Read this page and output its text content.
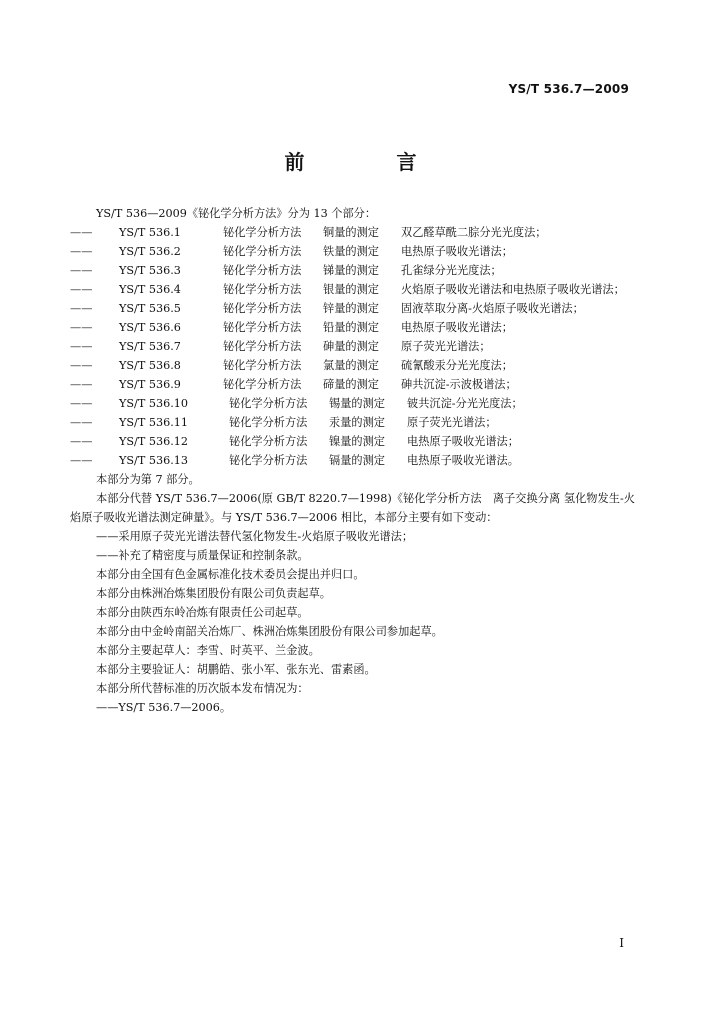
YS/T 536.7—2009
前　言

YS/T 536—2009《铋化学分析方法》分为 13 个部分：

——	YS/T 536.1	铋化学分析方法	铜量的测定	双乙醛草酰二腙分光光度法；
——	YS/T 536.2	铋化学分析方法	铁量的测定	电热原子吸收光谱法；
——	YS/T 536.3	铋化学分析方法	锑量的测定	孔雀绿分光光度法；
——	YS/T 536.4	铋化学分析方法	银量的测定	火焰原子吸收光谱法和电热原子吸收光谱法；
——	YS/T 536.5	铋化学分析方法	锌量的测定	固液萃取分离-火焰原子吸收光谱法；
——	YS/T 536.6	铋化学分析方法	铅量的测定	电热原子吸收光谱法；
——	YS/T 536.7	铋化学分析方法	砷量的测定	原子荧光光谱法；
——	YS/T 536.8	铋化学分析方法	氯量的测定	硫氰酸汞分光光度法；
——	YS/T 536.9	铋化学分析方法	碲量的测定	砷共沉淀-示波极谱法；
——	YS/T 536.10	铋化学分析方法	锡量的测定	铍共沉淀-分光光度法；
——	YS/T 536.11	铋化学分析方法	汞量的测定	原子荧光光谱法；
——	YS/T 536.12	铋化学分析方法	镍量的测定	电热原子吸收光谱法；
——	YS/T 536.13	铋化学分析方法	镉量的测定	电热原子吸收光谱法。

本部分为第 7 部分。

本部分代替 YS/T 536.7—2006(原 GB/T 8220.7—1998)《铋化学分析方法　离子交换分离 氢化物发生-火焰原子吸收光谱法测定砷量》。与 YS/T 536.7—2006 相比，本部分主要有如下变动：

——采用原子荧光光谱法替代氢化物发生-火焰原子吸收光谱法；

——补充了精密度与质量保证和控制条款。

本部分由全国有色金属标准化技术委员会提出并归口。

本部分由株洲冶炼集团股份有限公司负责起草。

本部分由陕西东岭冶炼有限责任公司起草。

本部分由中金岭南韶关冶炼厂、株洲冶炼集团股份有限公司参加起草。

本部分主要起草人：李雪、时英平、兰金波。

本部分主要验证人：胡鹏皓、张小军、张东光、雷素函。

本部分所代替标准的历次版本发布情况为：

——YS/T 536.7—2006。

I
